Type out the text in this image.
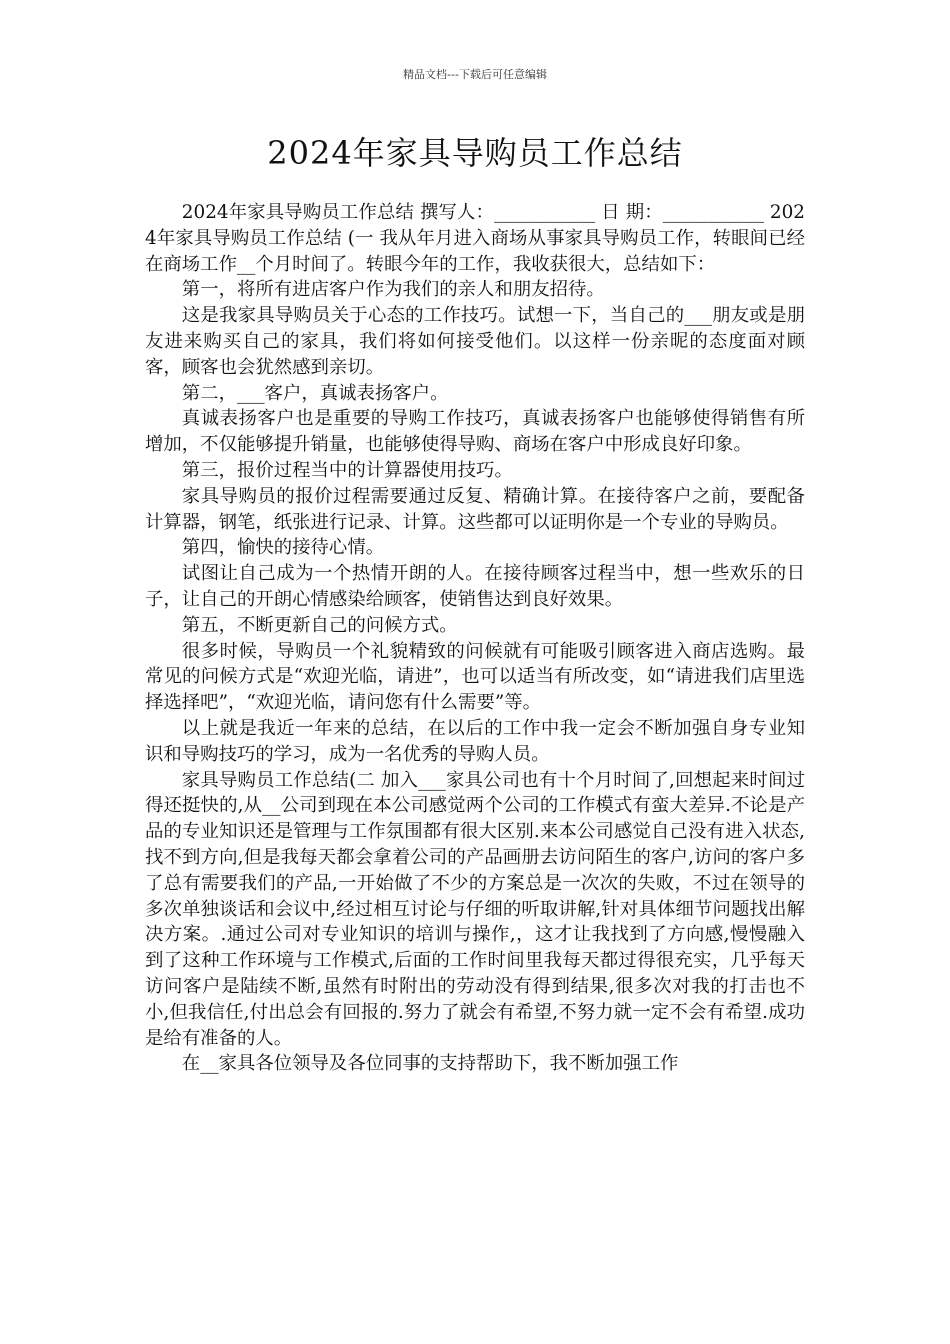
精品文档---下载后可任意编辑
2024年家具导购员工作总结

2024年家具导购员工作总结 撰写人：___________ 日 期：___________ 2024年家具导购员工作总结 (一 我从年月进入商场从事家具导购员工作，转眼间已经在商场工作__个月时间了。转眼今年的工作，我收获很大，总结如下：

第一，将所有进店客户作为我们的亲人和朋友招待。

这是我家具导购员关于心态的工作技巧。试想一下，当自己的___朋友或是朋友进来购买自己的家具，我们将如何接受他们。以这样一份亲昵的态度面对顾客，顾客也会犹然感到亲切。

第二，___客户，真诚表扬客户。

真诚表扬客户也是重要的导购工作技巧，真诚表扬客户也能够使得销售有所增加，不仅能够提升销量，也能够使得导购、商场在客户中形成良好印象。

第三，报价过程当中的计算器使用技巧。

家具导购员的报价过程需要通过反复、精确计算。在接待客户之前，要配备计算器，钢笔，纸张进行记录、计算。这些都可以证明你是一个专业的导购员。

第四，愉快的接待心情。

试图让自己成为一个热情开朗的人。在接待顾客过程当中，想一些欢乐的日子，让自己的开朗心情感染给顾客，使销售达到良好效果。

第五，不断更新自己的问候方式。

很多时候，导购员一个礼貌精致的问候就有可能吸引顾客进入商店选购。最常见的问候方式是“欢迎光临，请进”，也可以适当有所改变，如“请进我们店里选择选择吧”，“欢迎光临，请问您有什么需要”等。

以上就是我近一年来的总结，在以后的工作中我一定会不断加强自身专业知识和导购技巧的学习，成为一名优秀的导购人员。

家具导购员工作总结(二 加入___家具公司也有十个月时间了,回想起来时间过得还挺快的,从__公司到现在本公司感觉两个公司的工作模式有蛮大差异.不论是产品的专业知识还是管理与工作氛围都有很大区别.来本公司感觉自己没有进入状态,找不到方向,但是我每天都会拿着公司的产品画册去访问陌生的客户,访问的客户多了总有需要我们的产品,一开始做了不少的方案总是一次次的失败，不过在领导的多次单独谈话和会议中,经过相互讨论与仔细的听取讲解,针对具体细节问题找出解决方案。.通过公司对专业知识的培训与操作,，这才让我找到了方向感,慢慢融入到了这种工作环境与工作模式,后面的工作时间里我每天都过得很充实，几乎每天访问客户是陆续不断,虽然有时附出的劳动没有得到结果,很多次对我的打击也不小,但我信任,付出总会有回报的.努力了就会有希望,不努力就一定不会有希望.成功是给有准备的人。

在__家具各位领导及各位同事的支持帮助下，我不断加强工作
